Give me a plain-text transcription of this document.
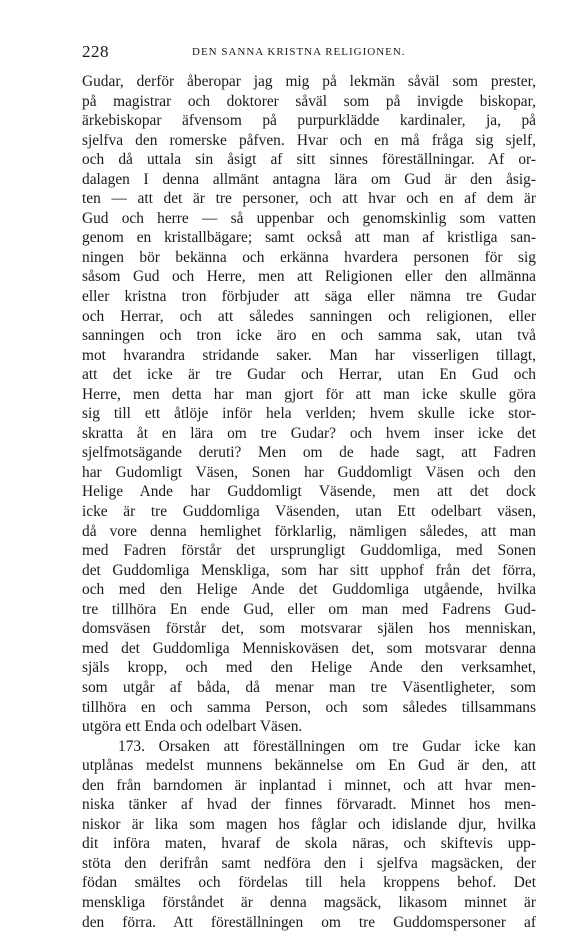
228	DEN SANNA KRISTNA RELIGIONEN.
Gudar, derför åberopar jag mig på lekmän såväl som prester,
på magistrar och doktorer såväl som på invigde biskopar,
ärkebiskopar äfvensom på purpurklädde kardinaler, ja, på
sjelfva den romerske påfven. Hvar och en må fråga sig sjelf,
och då uttala sin åsigt af sitt sinnes föreställningar. Af or-
dalagen I denna allmänt antagna lära om Gud är den åsig-
ten — att det är tre personer, och att hvar och en af dem är
Gud och herre — så uppenbar och genomskinlig som vatten
genom en kristallbägare; samt också att man af kristliga san-
ningen bör bekänna och erkänna hvardera personen för sig
såsom Gud och Herre, men att Religionen eller den allmänna
eller kristna tron förbjuder att säga eller nämna tre Gudar
och Herrar, och att således sanningen och religionen, eller
sanningen och tron icke äro en och samma sak, utan två
mot hvarandra stridande saker. Man har visserligen tillagt,
att det icke är tre Gudar och Herrar, utan En Gud och
Herre, men detta har man gjort för att man icke skulle göra
sig till ett åtlöje inför hela verlden; hvem skulle icke stor-
skratta åt en lära om tre Gudar? och hvem inser icke det
sjelfmotsägande deruti? Men om de hade sagt, att Fadren
har Gudomligt Väsen, Sonen har Guddomligt Väsen och den
Helige Ande har Guddomligt Väsende, men att det dock
icke är tre Guddomliga Väsenden, utan Ett odelbart väsen,
då vore denna hemlighet förklarlig, nämligen således, att man
med Fadren förstår det ursprungligt Guddomliga, med Sonen
det Guddomliga Menskliga, som har sitt upphof från det förra,
och med den Helige Ande det Guddomliga utgående, hvilka
tre tillhöra En ende Gud, eller om man med Fadrens Gud-
domsväsen förstår det, som motsvarar själen hos menniskan,
med det Guddomliga Menniskoväsen det, som motsvarar denna
själs kropp, och med den Helige Ande den verksamhet,
som utgår af båda, då menar man tre Väsentligheter, som
tillhöra en och samma Person, och som således tillsammans
utgöra ett Enda och odelbart Väsen.
173. Orsaken att föreställningen om tre Gudar icke kan
utplånas medelst munnens bekännelse om En Gud är den, att
den från barndomen är inplantad i minnet, och att hvar men-
niska tänker af hvad der finnes förvaradt. Minnet hos men-
niskor är lika som magen hos fåglar och idislande djur, hvilka
dit införa maten, hvaraf de skola näras, och skiftevis upp-
stöta den derifrån samt nedföra den i sjelfva magsäcken, der
födan smältes och fördelas till hela kroppens behof. Det
menskliga förståndet är denna magsäck, likasom minnet är
den förra. Att föreställningen om tre Guddomspersoner af
